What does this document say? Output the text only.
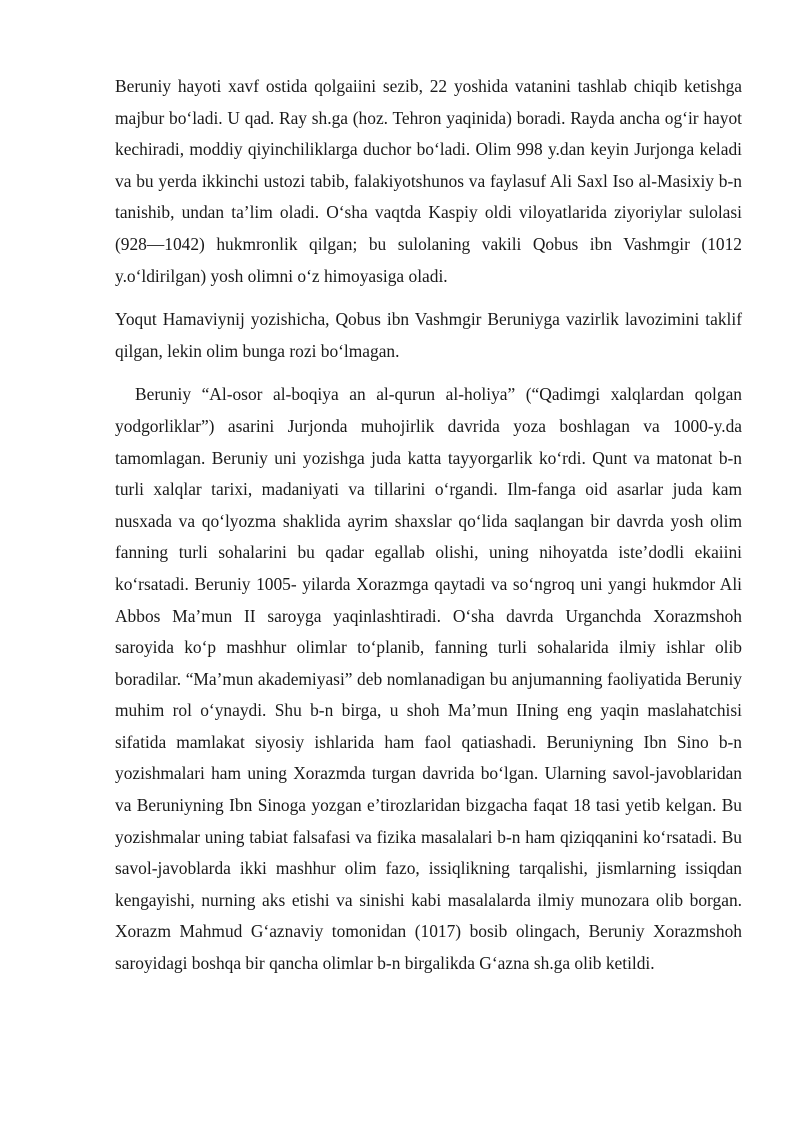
Beruniy hayoti xavf ostida qolgaiini sezib, 22 yoshida vatanini tashlab chiqib ketishga majbur boʻladi. U qad. Ray sh.ga (hoz. Tehron yaqinida) boradi. Rayda ancha ogʻir hayot kechiradi, moddiy qiyinchiliklarga duchor boʻladi. Olim 998 y.dan keyin Jurjonga keladi va bu yerda ikkinchi ustozi tabib, falakiyotshunos va faylasuf Ali Saxl Iso al-Masixiy b-n tanishib, undan ta’lim oladi. Oʻsha vaqtda Kaspiy oldi viloyatlarida ziyoriylar sulolasi (928—1042) hukmronlik qilgan; bu sulolaning vakili Qobus ibn Vashmgir (1012 y.oʻldirilgan) yosh olimni oʻz himoyasiga oladi.

Yoqut Hamaviynij yozishicha, Qobus ibn Vashmgir Beruniyga vazirlik lavozimini taklif qilgan, lekin olim bunga rozi boʻlmagan.

Beruniy “Al-osor al-boqiya an al-qurun al-holiya” (“Qadimgi xalqlardan qolgan yodgorliklar”) asarini Jurjonda muhojirlik davrida yoza boshlagan va 1000-y.da tamomlagan. Beruniy uni yozishga juda katta tayyorgarlik koʻrdi. Qunt va matonat b-n turli xalqlar tarixi, madaniyati va tillarini oʻrgandi. Ilm-fanga oid asarlar juda kam nusxada va qoʻlyozma shaklida ayrim shaxslar qoʻlida saqlangan bir davrda yosh olim fanning turli sohalarini bu qadar egallab olishi, uning nihoyatda iste’dodli ekaiini koʻrsatadi. Beruniy 1005- yilarda Xorazmga qaytadi va soʻngroq uni yangi hukmdor Ali Abbos Ma’mun II saroyga yaqinlashtiradi. Oʻsha davrda Urganchda Xorazmshoh saroyida koʻp mashhur olimlar toʻplanib, fanning turli sohalarida ilmiy ishlar olib boradilar. “Ma’mun akademiyasi” deb nomlanadigan bu anjumanning faoliyatida Beruniy muhim rol oʻynaydi. Shu b-n birga, u shoh Ma’mun IIning eng yaqin maslahatchisi sifatida mamlakat siyosiy ishlarida ham faol qatiashadi. Beruniyning Ibn Sino b-n yozishmalari ham uning Xorazmda turgan davrida boʻlgan. Ularning savol-javoblaridan va Beruniyning Ibn Sinoga yozgan e’tirozlaridan bizgacha faqat 18 tasi yetib kelgan. Bu yozishmalar uning tabiat falsafasi va fizika masalalari b-n ham qiziqqanini koʻrsatadi. Bu savol-javoblarda ikki mashhur olim fazo, issiqlikning tarqalishi, jismlarning issiqdan kengayishi, nurning aks etishi va sinishi kabi masalalarda ilmiy munozara olib borgan. Xorazm Mahmud Gʻaznaviy tomonidan (1017) bosib olingach, Beruniy Xorazmshoh saroyidagi boshqa bir qancha olimlar b-n birgalikda Gʻazna sh.ga olib ketildi.
